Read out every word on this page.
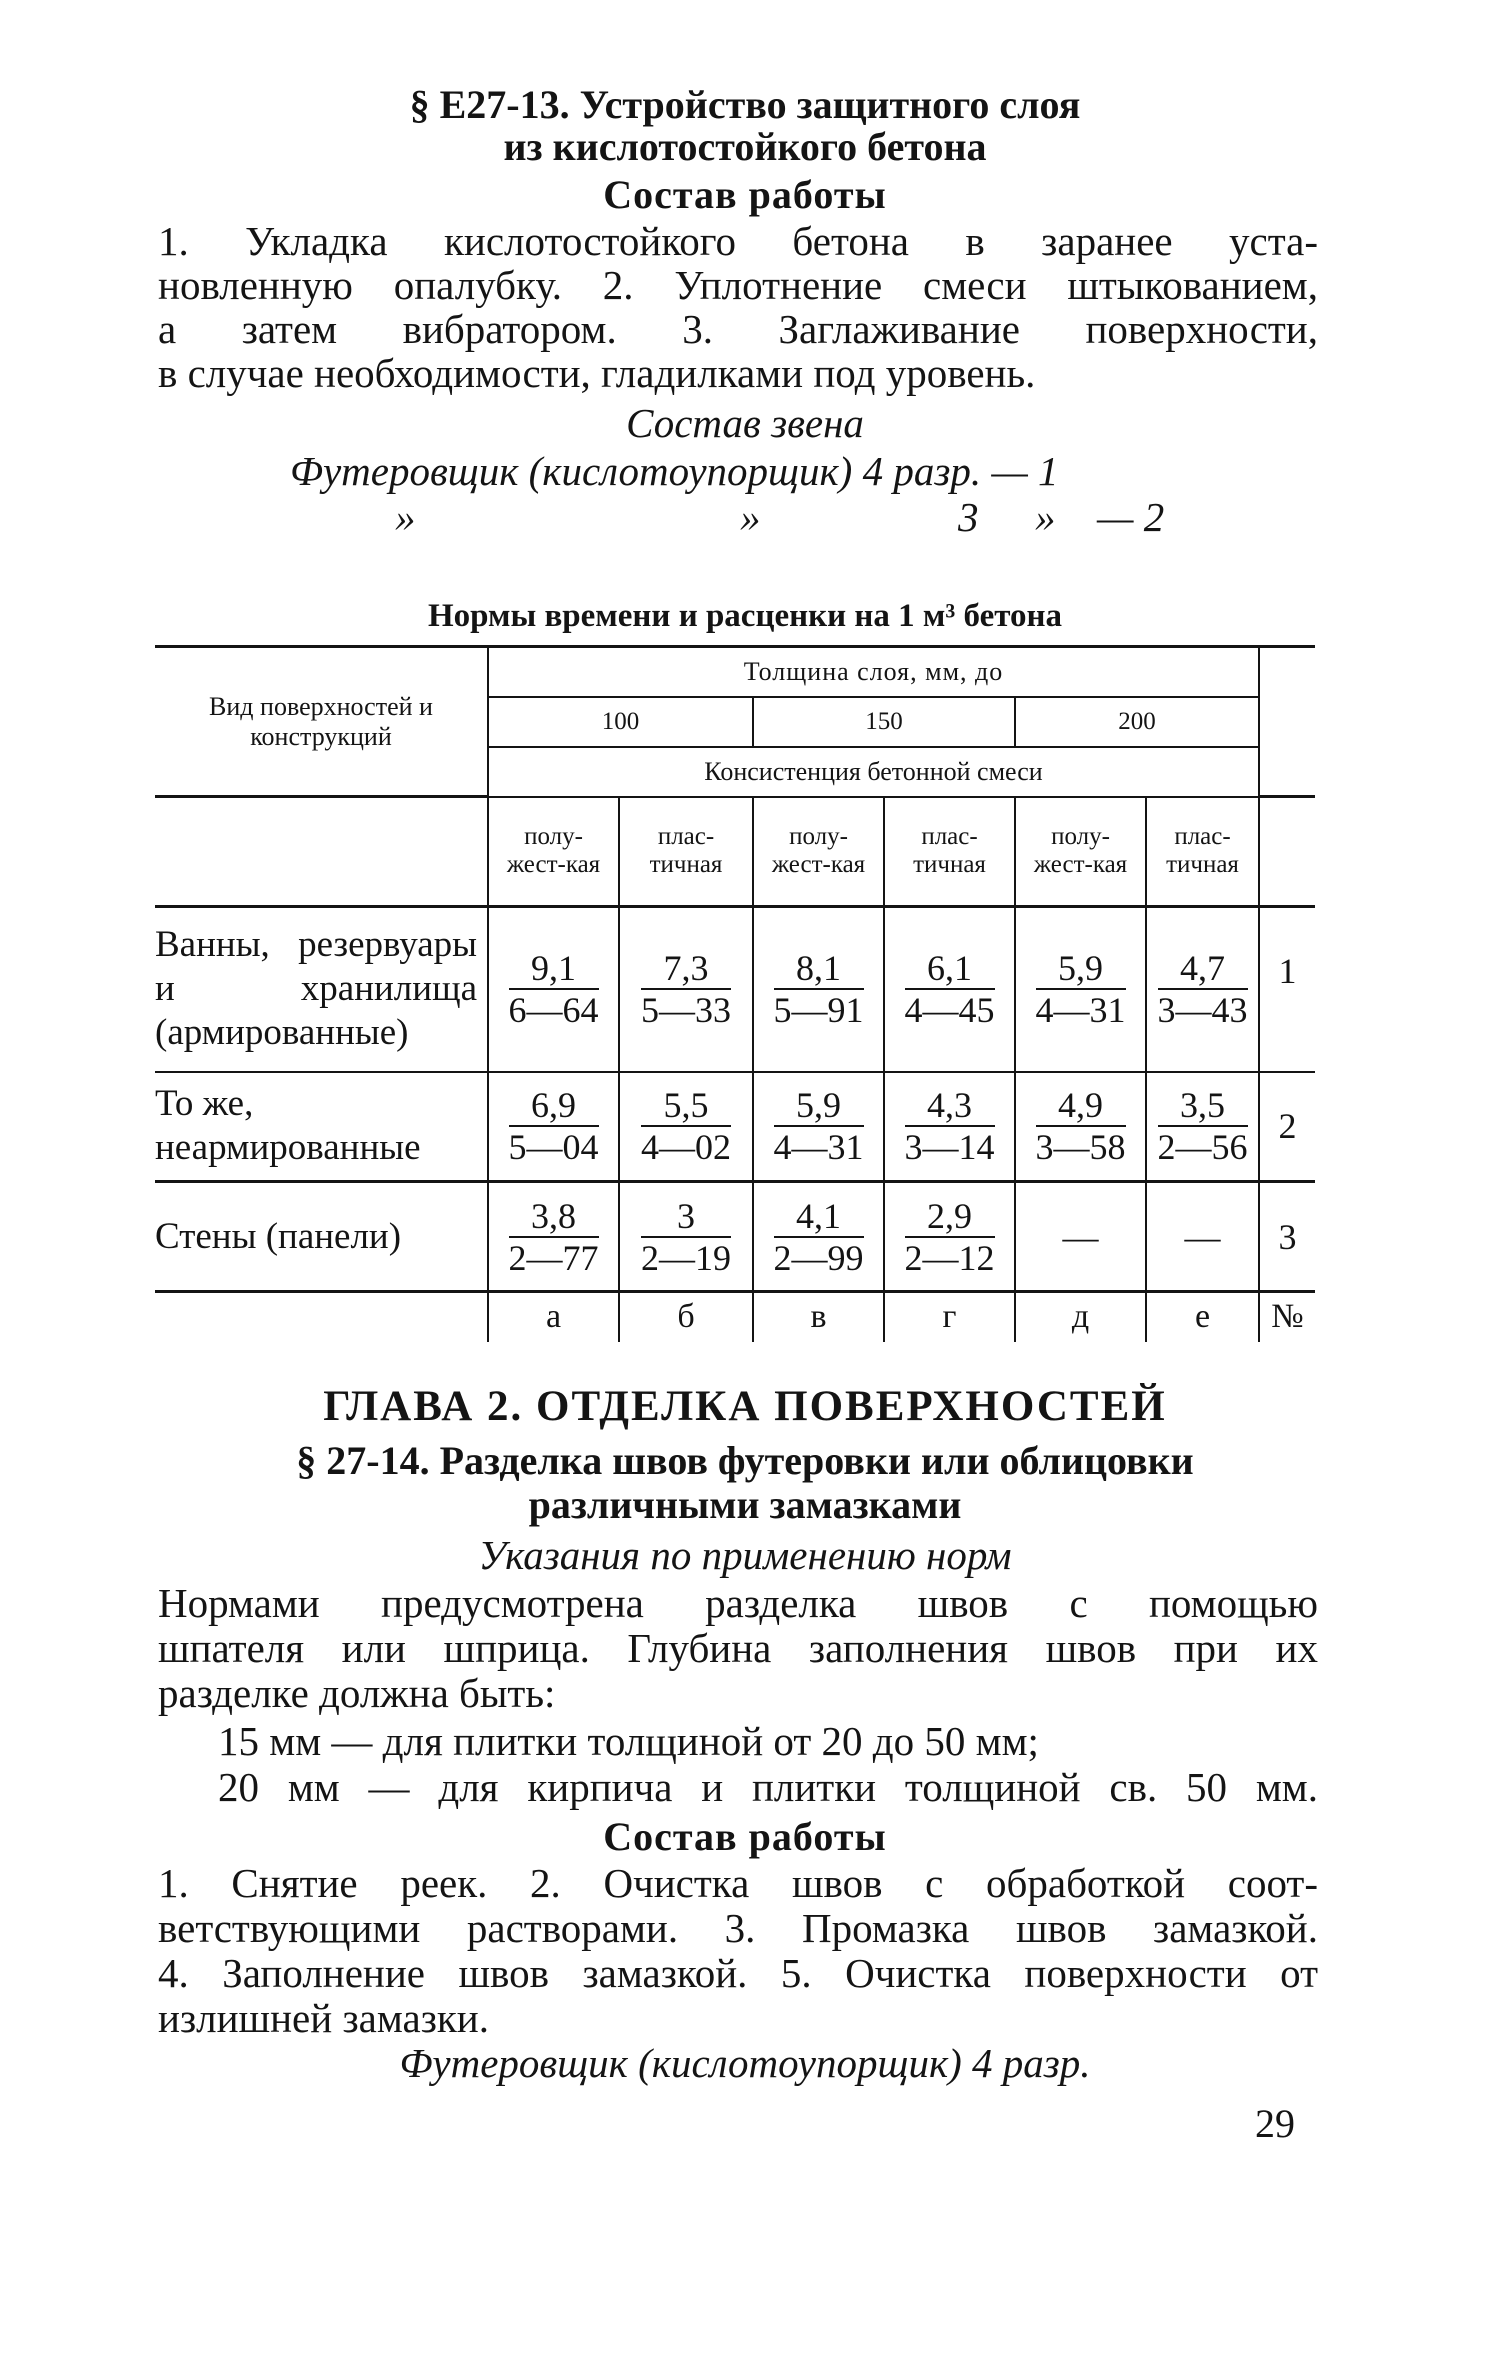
§ Е27-13. Устройство защитного слоя
из кислотостойкого бетона
Состав работы
1. Укладка кислотостойкого бетона в заранее уста-
новленную опалубку. 2. Уплотнение смеси штыкованием,
а затем вибратором. 3. Заглаживание поверхности,
в случае необходимости, гладилками под уровень.
Состав звена
Футеровщик (кислотоупорщик) 4 разр. — 1
»	»	3 » — 2
Нормы времени и расценки на 1 м³ бетона
Вид поверхностей и конструкций	Толщина слоя, мм, до						
	100		150		200		
	Консистенция бетонной смеси						
	полу-жест-кая	плас-тичная	полу-жест-кая	плас-тичная	полу-жест-кая	плас-тичная	
Ванны, резервуары и хранилища (армированные)	$\frac{9,1}{6—64}$	$\frac{7,3}{5—33}$	$\frac{8,1}{5—91}$	$\frac{6,1}{4—45}$	$\frac{5,9}{4—31}$	$\frac{4,7}{3—43}$	1
То же, неармированные	$\frac{6,9}{5—04}$	$\frac{5,5}{4—02}$	$\frac{5,9}{4—31}$	$\frac{4,3}{3—14}$	$\frac{4,9}{3—58}$	$\frac{3,5}{2—56}$	2
Стены (панели)	$\frac{3,8}{2—77}$	$\frac{3}{2—19}$	$\frac{4,1}{2—99}$	$\frac{2,9}{2—12}$	—	—	3
	а	б	в	г	д	е	№
ГЛАВА 2. ОТДЕЛКА ПОВЕРХНОСТЕЙ
§ 27-14. Разделка швов футеровки или облицовки
различными замазками
Указания по применению норм
Нормами предусмотрена разделка швов с помощью
шпателя или шприца. Глубина заполнения швов при их
разделке должна быть:
15 мм — для плитки толщиной от 20 до 50 мм;
20 мм — для кирпича и плитки толщиной св. 50 мм.
Состав работы
1. Снятие реек. 2. Очистка швов с обработкой соот-
ветствующими растворами. 3. Промазка швов замазкой.
4. Заполнение швов замазкой. 5. Очистка поверхности от
излишней замазки.
Футеровщик (кислотоупорщик) 4 разр.
29
